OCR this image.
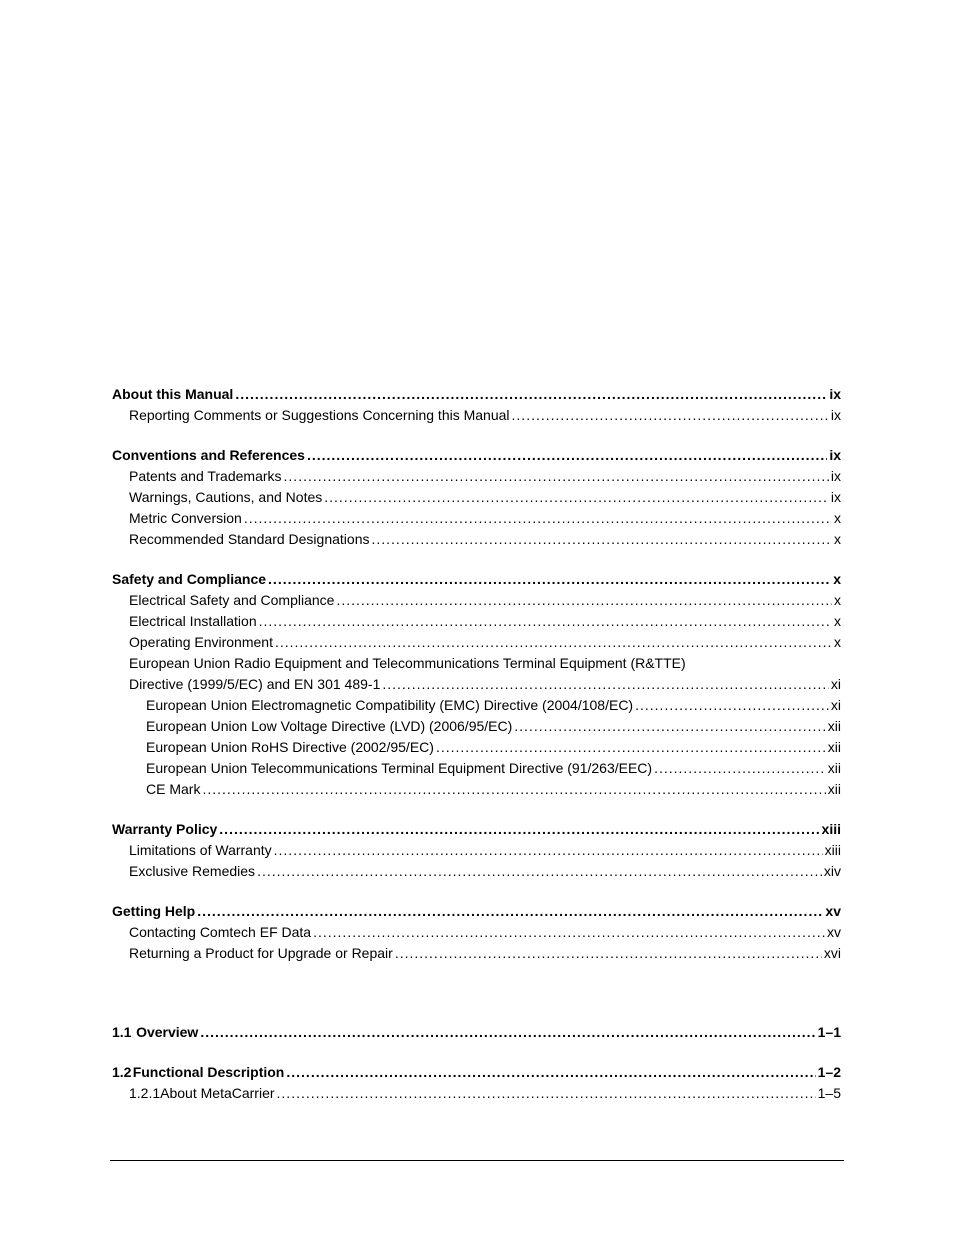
About this Manual .....	ix
Reporting Comments or Suggestions Concerning this Manual .....	ix
Conventions and References .....	ix
Patents and Trademarks .....	ix
Warnings, Cautions, and Notes .....	ix
Metric Conversion .....	x
Recommended Standard Designations .....	x
Safety and Compliance .....	x
Electrical Safety and Compliance .....	x
Electrical Installation .....	x
Operating Environment .....	x
European Union Radio Equipment and Telecommunications Terminal Equipment (R&TTE)
Directive (1999/5/EC) and EN 301 489-1 .....	xi
European Union Electromagnetic Compatibility (EMC) Directive (2004/108/EC) .....	xi
European Union Low Voltage Directive (LVD) (2006/95/EC) .....	xii
European Union RoHS Directive (2002/95/EC) .....	xii
European Union Telecommunications Terminal Equipment Directive (91/263/EEC) .....	xii
CE Mark .....	xii
Warranty Policy .....	xiii
Limitations of Warranty .....	xiii
Exclusive Remedies .....	xiv
Getting Help .....	xv
Contacting Comtech EF Data .....	xv
Returning a Product for Upgrade or Repair .....	xvi
1.1 Overview .....	1–1
1.2 Functional Description .....	1–2
1.2.1 About MetaCarrier .....	1–5
